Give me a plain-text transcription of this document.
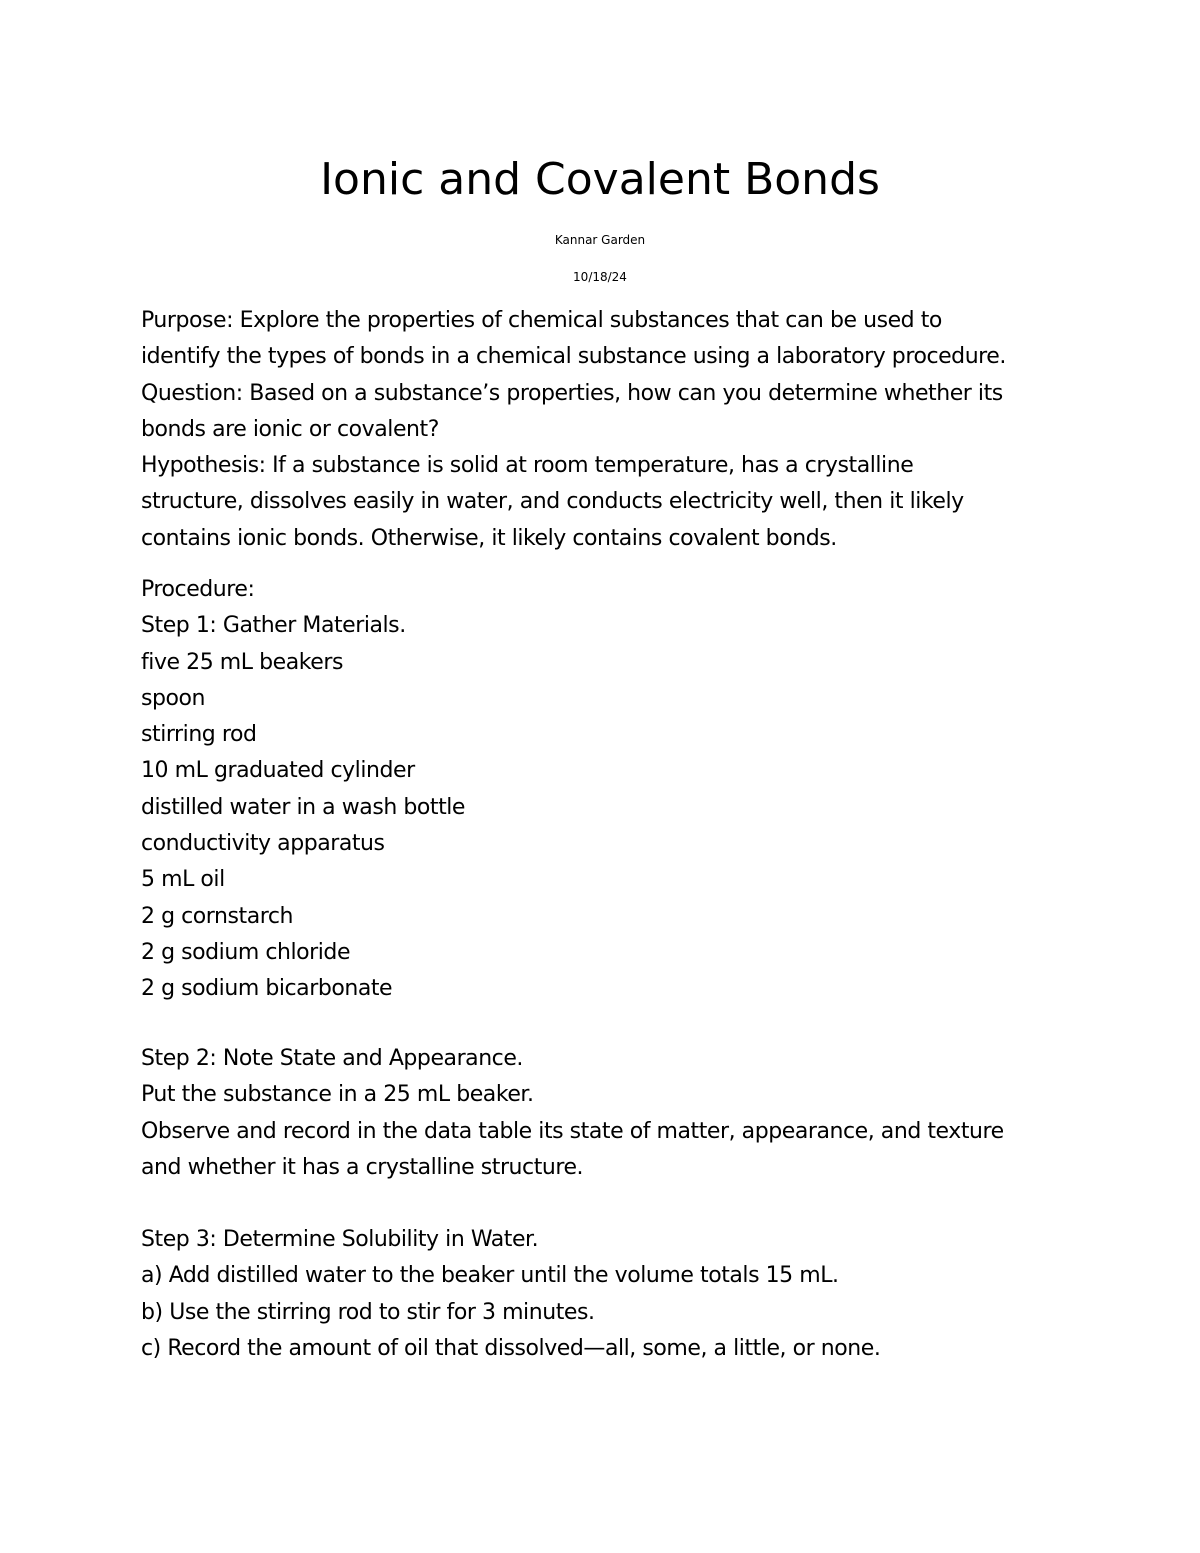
Ionic and Covalent Bonds
Kannar Garden
10/18/24

Purpose: Explore the properties of chemical substances that can be used to

identify the types of bonds in a chemical substance using a laboratory procedure.

Question: Based on a substance’s properties, how can you determine whether its

bonds are ionic or covalent?

Hypothesis: If a substance is solid at room temperature, has a crystalline

structure, dissolves easily in water, and conducts electricity well, then it likely

contains ionic bonds. Otherwise, it likely contains covalent bonds.

Procedure:

Step 1: Gather Materials.

five 25 mL beakers

spoon

stirring rod

10 mL graduated cylinder

distilled water in a wash bottle

conductivity apparatus

5 mL oil

2 g cornstarch

2 g sodium chloride

2 g sodium bicarbonate

Step 2: Note State and Appearance.

Put the substance in a 25 mL beaker.

Observe and record in the data table its state of matter, appearance, and texture

and whether it has a crystalline structure.

Step 3: Determine Solubility in Water.

a) Add distilled water to the beaker until the volume totals 15 mL.

b) Use the stirring rod to stir for 3 minutes.

c) Record the amount of oil that dissolved—all, some, a little, or none.
